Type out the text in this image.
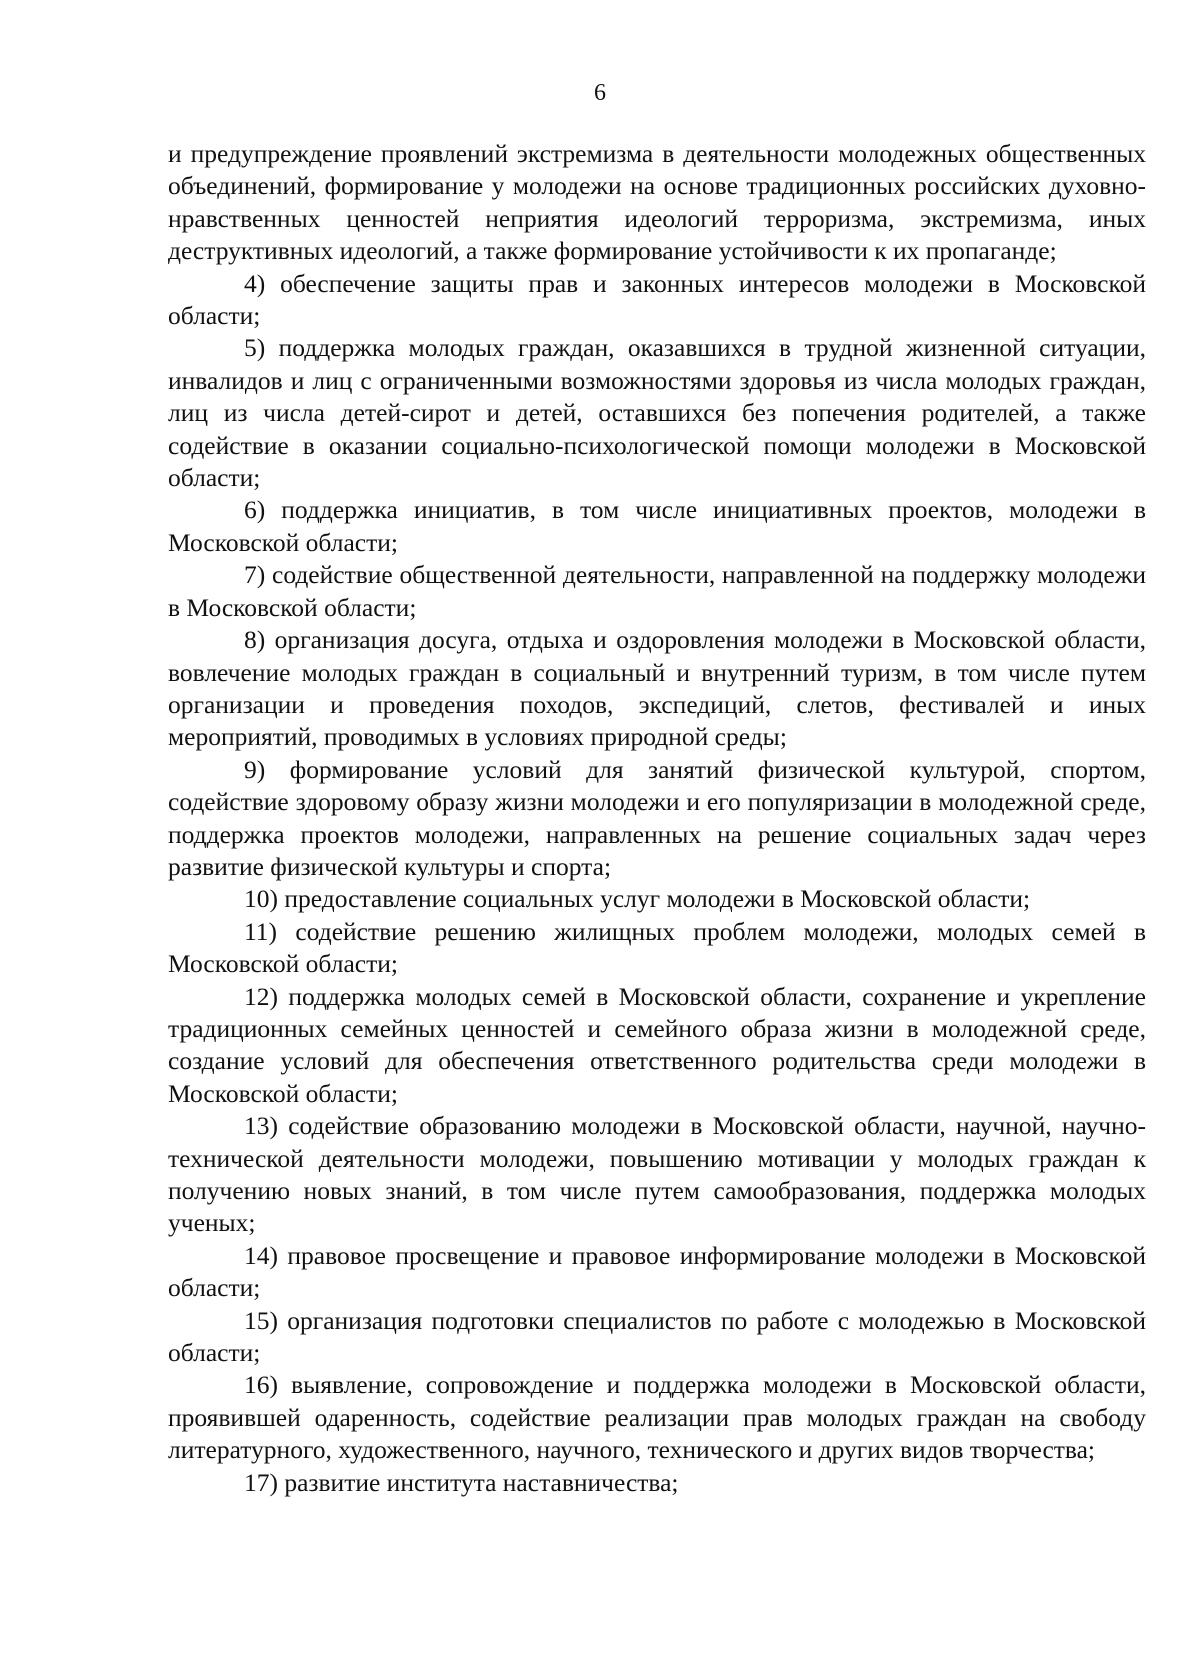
6

и предупреждение проявлений экстремизма в деятельности молодежных общественных объединений, формирование у молодежи на основе традиционных российских духовно-нравственных ценностей неприятия идеологий терроризма, экстремизма, иных деструктивных идеологий, а также формирование устойчивости к их пропаганде;

4) обеспечение защиты прав и законных интересов молодежи в Московской области;

5) поддержка молодых граждан, оказавшихся в трудной жизненной ситуации, инвалидов и лиц с ограниченными возможностями здоровья из числа молодых граждан, лиц из числа детей-сирот и детей, оставшихся без попечения родителей, а также содействие в оказании социально-психологической помощи молодежи в Московской области;

6) поддержка инициатив, в том числе инициативных проектов, молодежи в Московской области;

7) содействие общественной деятельности, направленной на поддержку молодежи в Московской области;

8) организация досуга, отдыха и оздоровления молодежи в Московской области, вовлечение молодых граждан в социальный и внутренний туризм, в том числе путем организации и проведения походов, экспедиций, слетов, фестивалей и иных мероприятий, проводимых в условиях природной среды;

9) формирование условий для занятий физической культурой, спортом, содействие здоровому образу жизни молодежи и его популяризации в молодежной среде, поддержка проектов молодежи, направленных на решение социальных задач через развитие физической культуры и спорта;

10) предоставление социальных услуг молодежи в Московской области;

11) содействие решению жилищных проблем молодежи, молодых семей в Московской области;

12) поддержка молодых семей в Московской области, сохранение и укрепление традиционных семейных ценностей и семейного образа жизни в молодежной среде, создание условий для обеспечения ответственного родительства среди молодежи в Московской области;

13) содействие образованию молодежи в Московской области, научной, научно-технической деятельности молодежи, повышению мотивации у молодых граждан к получению новых знаний, в том числе путем самообразования, поддержка молодых ученых;

14) правовое просвещение и правовое информирование молодежи в Московской области;

15) организация подготовки специалистов по работе с молодежью в Московской области;

16) выявление, сопровождение и поддержка молодежи в Московской области, проявившей одаренность, содействие реализации прав молодых граждан на свободу литературного, художественного, научного, технического и других видов творчества;

17) развитие института наставничества;
